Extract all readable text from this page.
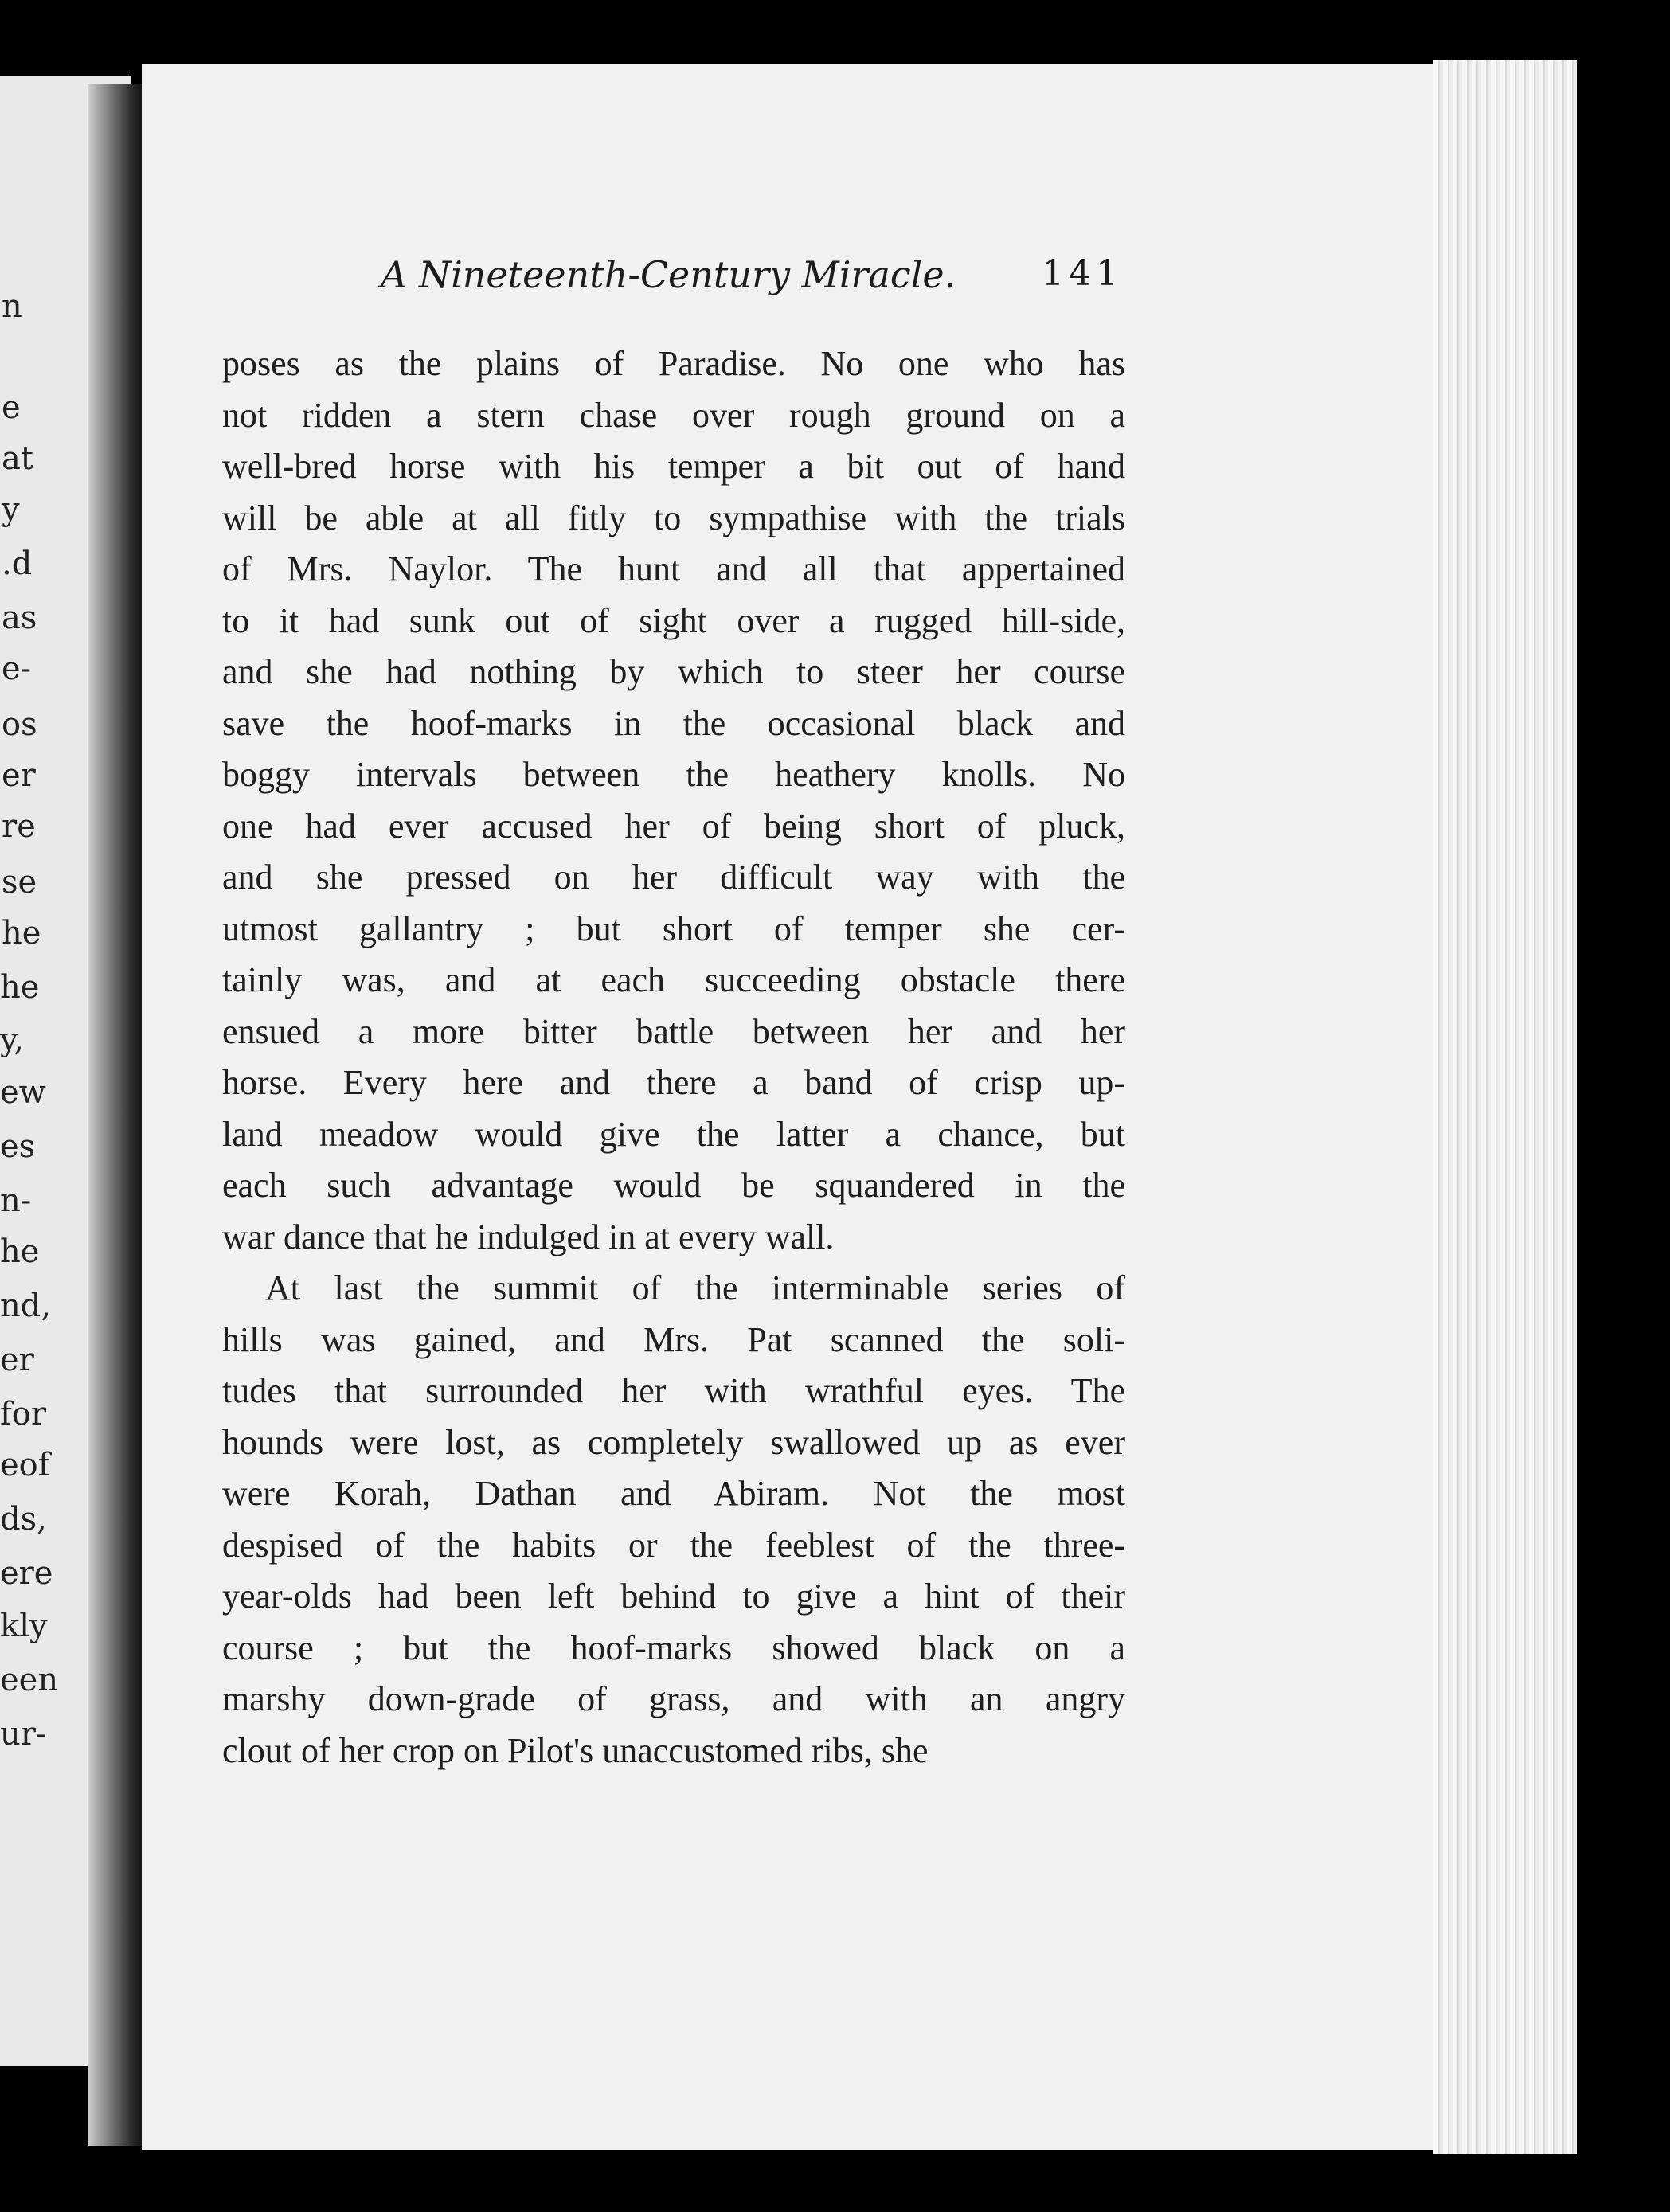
n
e
at
y
.d
as
e-
os
er
re
se
he
he
y,
ew
es
n-
he
nd,
er
for
eof
ds,
ere
kly
een
ur-
A Nineteenth-Century Miracle.	141
poses as the plains of Paradise. No one who has
not ridden a stern chase over rough ground on a
well-bred horse with his temper a bit out of hand
will be able at all fitly to sympathise with the trials
of Mrs. Naylor. The hunt and all that appertained
to it had sunk out of sight over a rugged hill-side,
and she had nothing by which to steer her course
save the hoof-marks in the occasional black and
boggy intervals between the heathery knolls. No
one had ever accused her of being short of pluck,
and she pressed on her difficult way with the
utmost gallantry ; but short of temper she cer-
tainly was, and at each succeeding obstacle there
ensued a more bitter battle between her and her
horse. Every here and there a band of crisp up-
land meadow would give the latter a chance, but
each such advantage would be squandered in the
war dance that he indulged in at every wall.
At last the summit of the interminable series of
hills was gained, and Mrs. Pat scanned the soli-
tudes that surrounded her with wrathful eyes. The
hounds were lost, as completely swallowed up as ever
were Korah, Dathan and Abiram. Not the most
despised of the habits or the feeblest of the three-
year-olds had been left behind to give a hint of their
course ; but the hoof-marks showed black on a
marshy down-grade of grass, and with an angry
clout of her crop on Pilot's unaccustomed ribs, she
